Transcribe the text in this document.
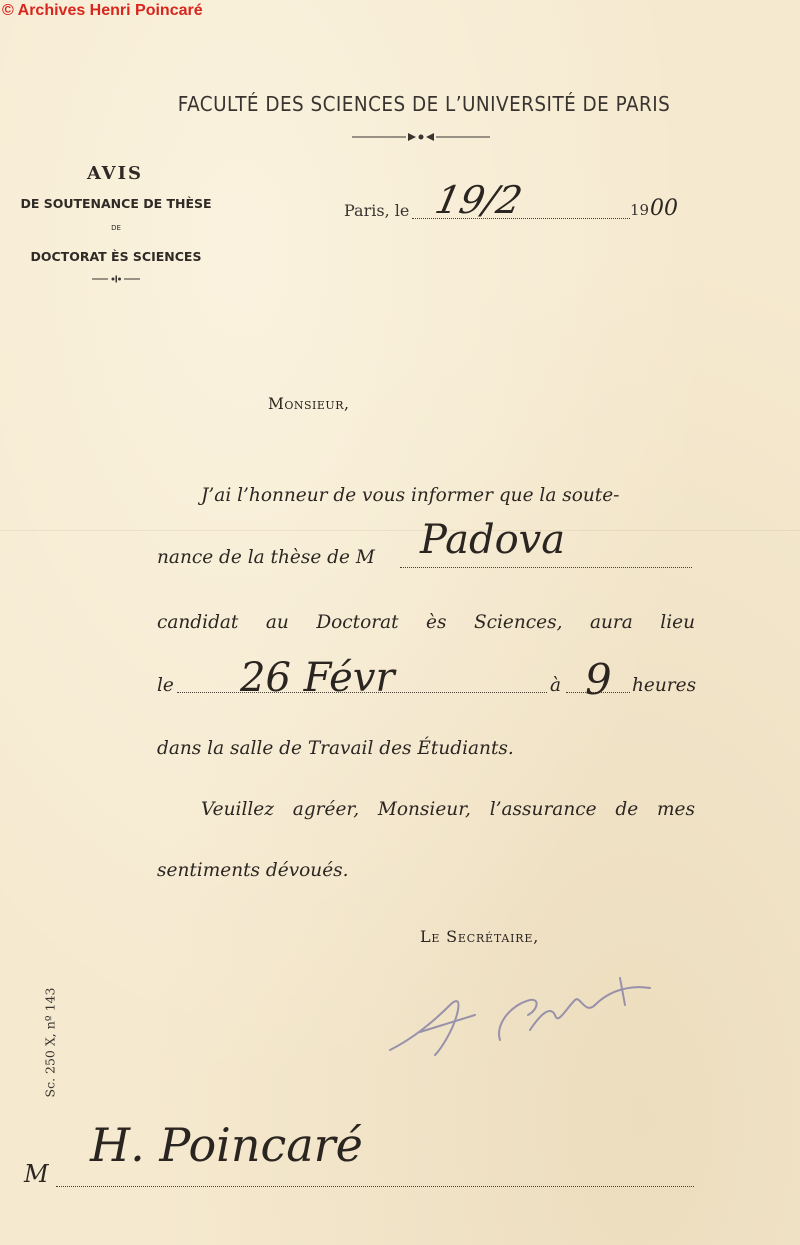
© Archives Henri Poincaré
FACULTÉ DES SCIENCES DE L’UNIVERSITÉ DE PARIS
AVIS
DE SOUTENANCE DE THÈSE
DE
DOCTORAT ÈS SCIENCES
Paris, le	19
19/2	00
Monsieur,
J’ai l’honneur de vous informer que la soute-
nance de la thèse de M Padova
candidat au Doctorat ès Sciences, aura lieu
le 26 Févr	à 9 heures
dans la salle de Travail des Étudiants.
Veuillez agréer, Monsieur, l’assurance de mes
sentiments dévoués.
Le Secrétaire,
Sc. 250 X, nº 143
M
H. Poincaré
